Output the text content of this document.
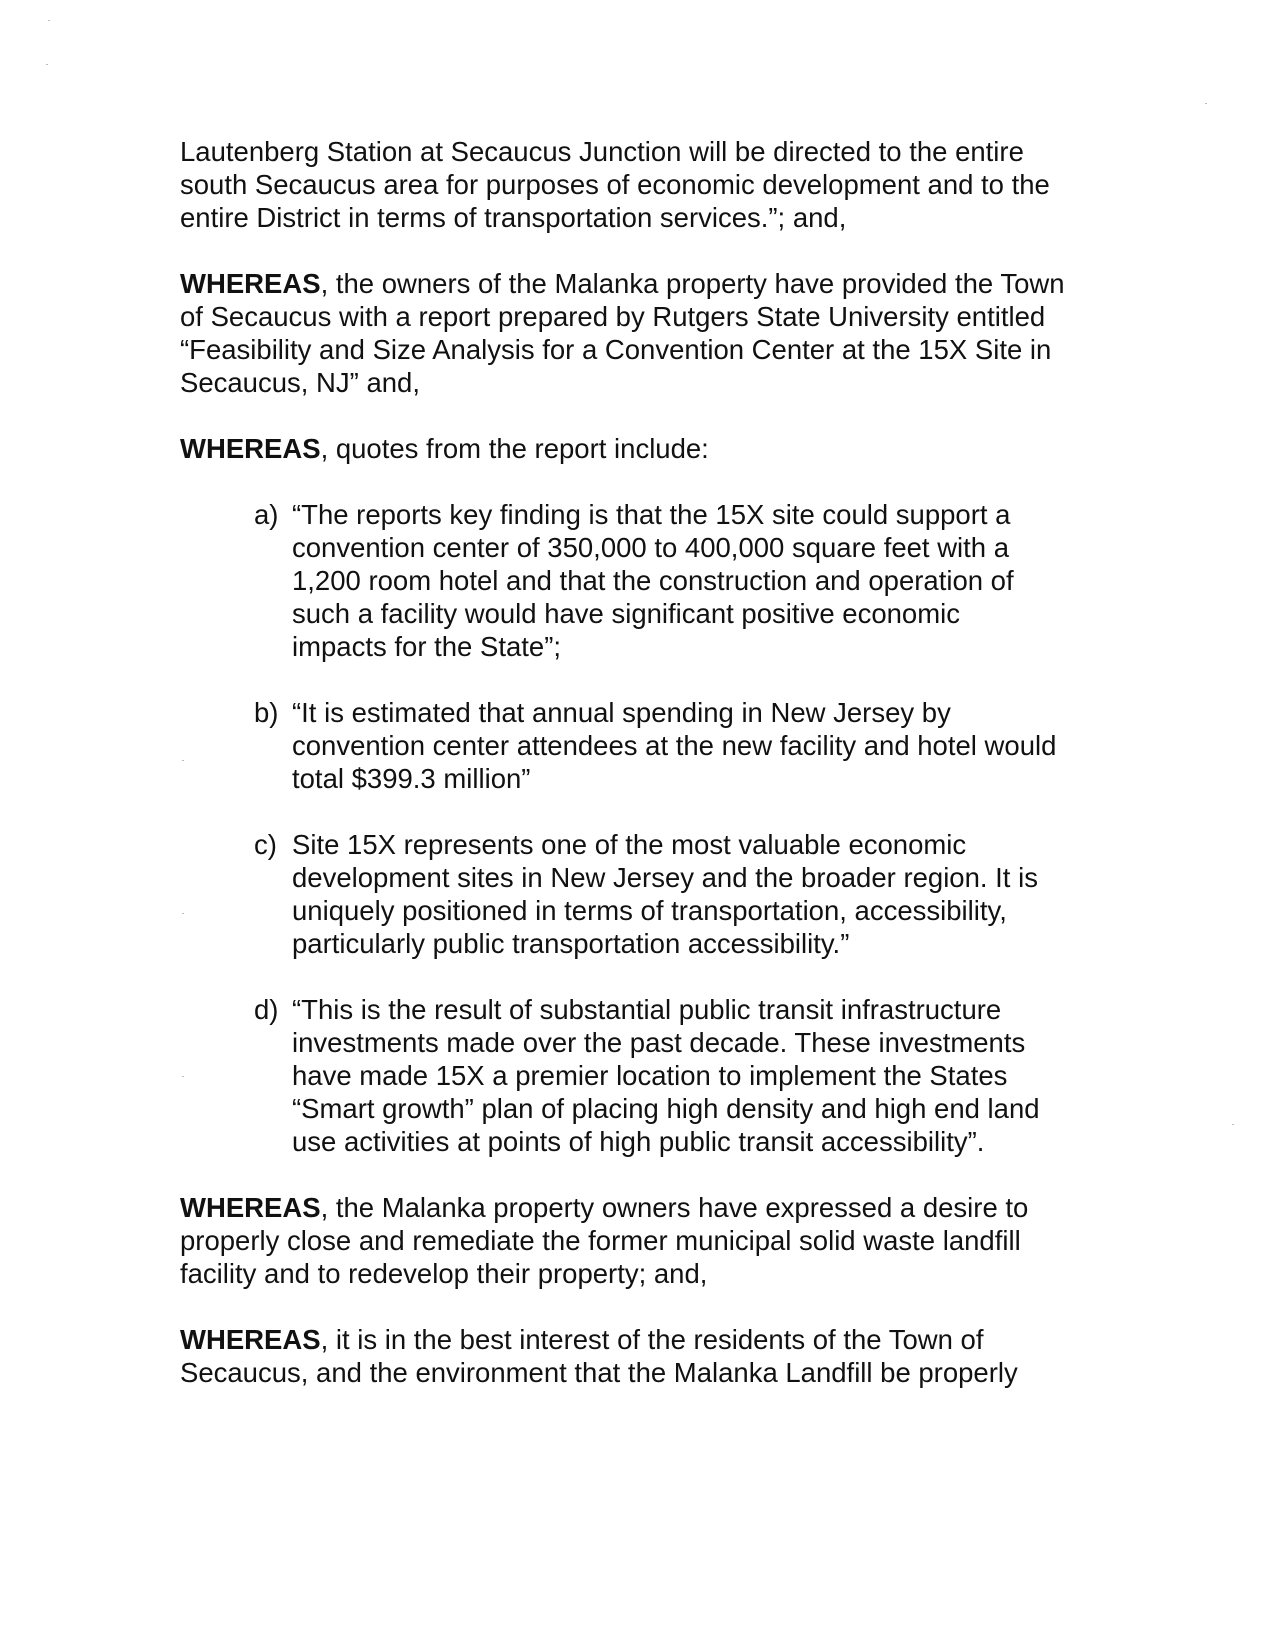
Lautenberg Station at Secaucus Junction will be directed to the entire south Secaucus area for purposes of economic development and to the entire District in terms of transportation services.”; and,

WHEREAS, the owners of the Malanka property have provided the Town of Secaucus with a report prepared by Rutgers State University entitled “Feasibility and Size Analysis for a Convention Center at the 15X Site in Secaucus, NJ” and,

WHEREAS, quotes from the report include:

a) “The reports key finding is that the 15X site could support a convention center of 350,000 to 400,000 square feet with a 1,200 room hotel and that the construction and operation of such a facility would have significant positive economic impacts for the State”;
b) “It is estimated that annual spending in New Jersey by convention center attendees at the new facility and hotel would total $399.3 million”
c) Site 15X represents one of the most valuable economic development sites in New Jersey and the broader region. It is uniquely positioned in terms of transportation, accessibility, particularly public transportation accessibility.”
d) “This is the result of substantial public transit infrastructure investments made over the past decade. These investments have made 15X a premier location to implement the States “Smart growth” plan of placing high density and high end land use activities at points of high public transit accessibility”.

WHEREAS, the Malanka property owners have expressed a desire to properly close and remediate the former municipal solid waste landfill facility and to redevelop their property; and,

WHEREAS, it is in the best interest of the residents of the Town of Secaucus, and the environment that the Malanka Landfill be properly
